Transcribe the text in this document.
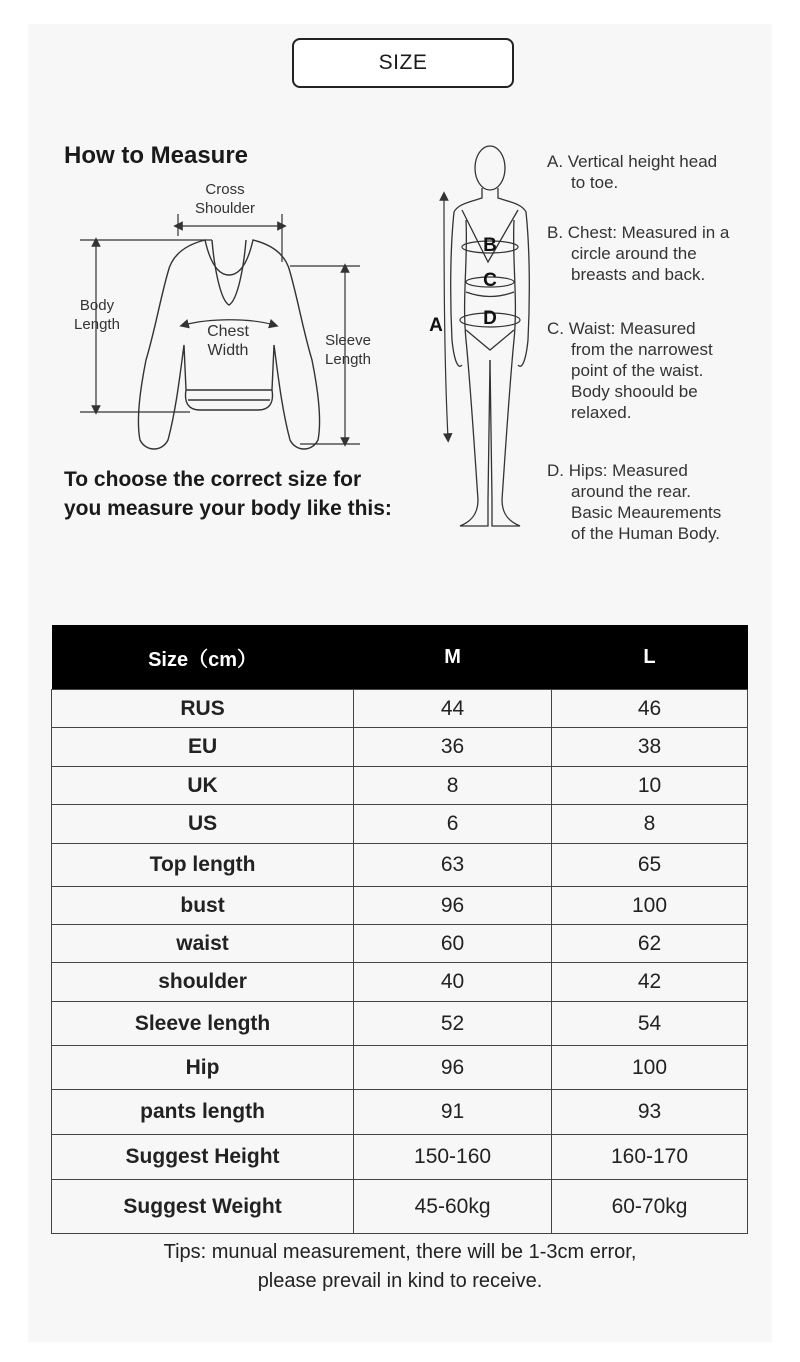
SIZE
How to Measure
Cross
Shoulder
Body
Length	Chest
Width
Sleeve
Length
A
B
C
D
A. Vertical height head
to toe.
B. Chest: Measured in a
circle around the
breasts and back.
C. Waist: Measured
from the narrowest
point of the waist.
Body shoould be
relaxed.
D. Hips: Measured
around the rear.
Basic Meaurements
of the Human Body.
To choose the correct size for
you measure your body like this:
Size（cm）	M	L
RUS	44	46
EU	36	38
UK	8	10
US	6	8
Top length	63	65
bust	96	100
waist	60	62
shoulder	40	42
Sleeve length	52	54
Hip	96	100
pants length	91	93
Suggest Height	150-160	160-170
Suggest Weight	45-60kg	60-70kg
Tips: munual measurement, there will be 1-3cm error,
please prevail in kind to receive.
